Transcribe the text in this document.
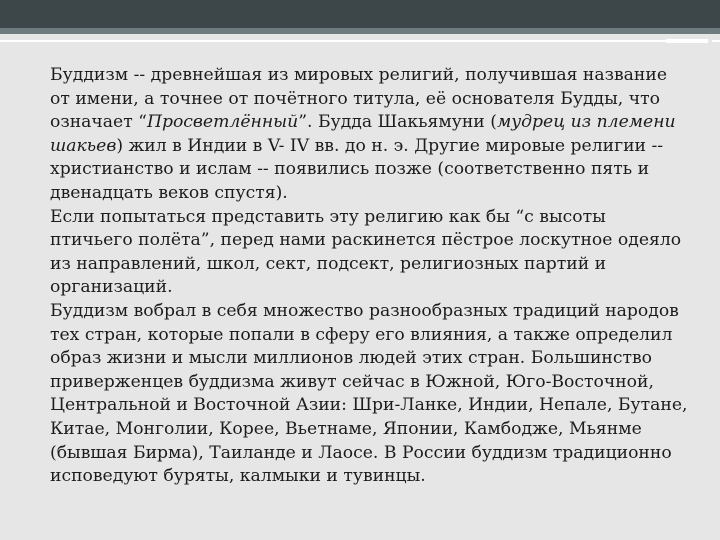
Буддизм -- древнейшая из мировых религий, получившая название от имени, а точнее от почётного титула, её основателя Будды, что означает “Просветлённый”. Будда Шакьямуни (мудрец из племени шакьев) жил в Индии в V- IV вв. до н. э. Другие мировые религии -- христианство и ислам -- появились позже (соответственно пять и двенадцать веков спустя).

Если попытаться представить эту религию как бы “с высоты птичьего полёта”, перед нами раскинется пёстрое лоскутное одеяло из направлений, школ, сект, подсект, религиозных партий и организаций.

Буддизм вобрал в себя множество разнообразных традиций народов тех стран, которые попали в сферу его влияния, а также определил образ жизни и мысли миллионов людей этих стран. Большинство приверженцев буддизма живут сейчас в Южной, Юго-Восточной, Центральной и Восточной Азии: Шри-Ланке, Индии, Непале, Бутане, Китае, Монголии, Корее, Вьетнаме, Японии, Камбодже, Мьянме (бывшая Бирма), Таиланде и Лаосе. В России буддизм традиционно исповедуют буряты, калмыки и тувинцы.
